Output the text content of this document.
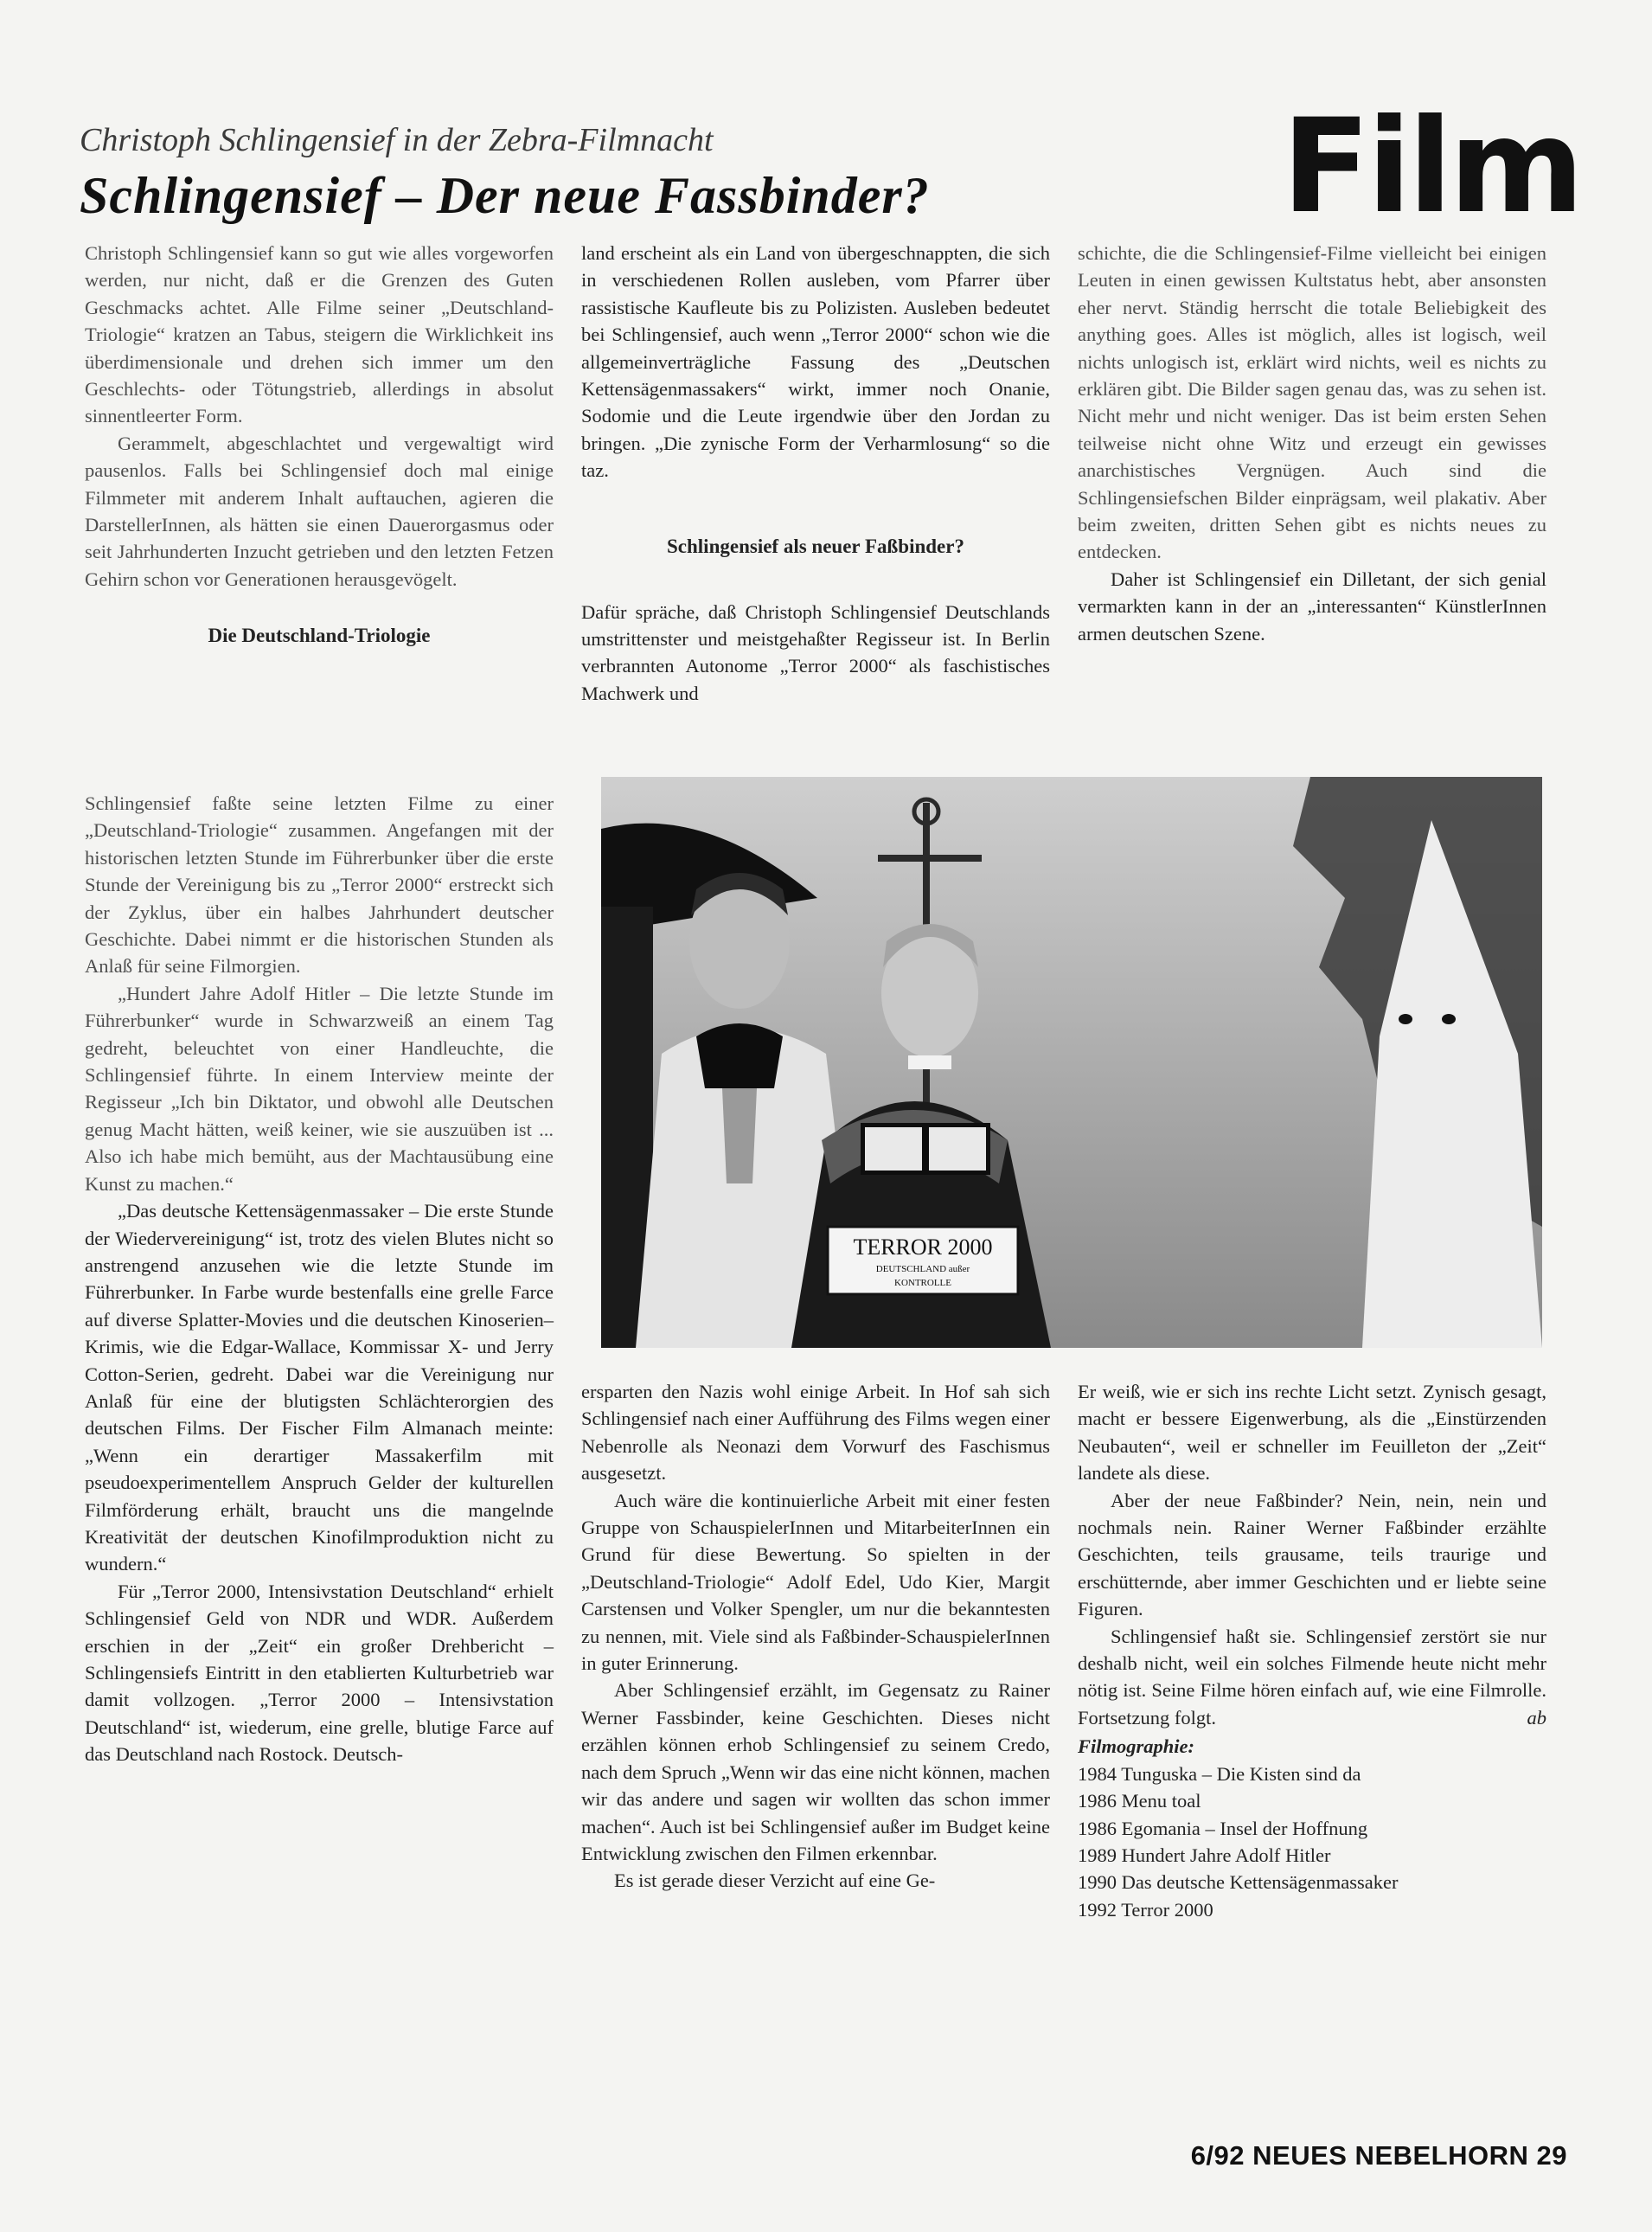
Christoph Schlingensief in der Zebra-Filmnacht
Schlingensief – Der neue Fassbinder?	Film

Christoph Schlingensief kann so gut wie alles vorgeworfen werden, nur nicht, daß er die Grenzen des Guten Geschmacks achtet. Alle Filme seiner „Deutschland-Triologie“ kratzen an Tabus, steigern die Wirklichkeit ins überdimensionale und drehen sich immer um den Geschlechts- oder Tötungstrieb, allerdings in absolut sinnentleerter Form.

Gerammelt, abgeschlachtet und vergewaltigt wird pausenlos. Falls bei Schlingensief doch mal einige Filmmeter mit anderem Inhalt auftauchen, agieren die DarstellerInnen, als hätten sie einen Dauerorgasmus oder seit Jahrhunderten Inzucht getrieben und den letzten Fetzen Gehirn schon vor Generationen herausgevögelt.

Die Deutschland-Triologie

land erscheint als ein Land von übergeschnappten, die sich in verschiedenen Rollen ausleben, vom Pfarrer über rassistische Kaufleute bis zu Polizisten. Ausleben bedeutet bei Schlingensief, auch wenn „Terror 2000“ schon wie die allgemeinverträgliche Fassung des „Deutschen Kettensägenmassakers“ wirkt, immer noch Onanie, Sodomie und die Leute irgendwie über den Jordan zu bringen. „Die zynische Form der Verharmlosung“ so die taz.

Schlingensief als neuer Faßbinder?

Dafür spräche, daß Christoph Schlingensief Deutschlands umstrittenster und meistgehaßter Regisseur ist. In Berlin verbrannten Autonome „Terror 2000“ als faschistisches Machwerk und

schichte, die die Schlingensief-Filme vielleicht bei einigen Leuten in einen gewissen Kultstatus hebt, aber ansonsten eher nervt. Ständig herrscht die totale Beliebigkeit des anything goes. Alles ist möglich, alles ist logisch, weil nichts unlogisch ist, erklärt wird nichts, weil es nichts zu erklären gibt. Die Bilder sagen genau das, was zu sehen ist. Nicht mehr und nicht weniger. Das ist beim ersten Sehen teilweise nicht ohne Witz und erzeugt ein gewisses anarchistisches Vergnügen. Auch sind die Schlingensiefschen Bilder einprägsam, weil plakativ. Aber beim zweiten, dritten Sehen gibt es nichts neues zu entdecken.

Daher ist Schlingensief ein Dilletant, der sich genial vermarkten kann in der an „interessanten“ KünstlerInnen armen deutschen Szene.

Schlingensief faßte seine letzten Filme zu einer „Deutschland-Triologie“ zusammen. Angefangen mit der historischen letzten Stunde im Führerbunker über die erste Stunde der Vereinigung bis zu „Terror 2000“ erstreckt sich der Zyklus, über ein halbes Jahrhundert deutscher Geschichte. Dabei nimmt er die historischen Stunden als Anlaß für seine Filmorgien.

„Hundert Jahre Adolf Hitler – Die letzte Stunde im Führerbunker“ wurde in Schwarzweiß an einem Tag gedreht, beleuchtet von einer Handleuchte, die Schlingensief führte. In einem Interview meinte der Regisseur „Ich bin Diktator, und obwohl alle Deutschen genug Macht hätten, weiß keiner, wie sie auszuüben ist ... Also ich habe mich bemüht, aus der Machtausübung eine Kunst zu machen.“

„Das deutsche Kettensägenmassaker – Die erste Stunde der Wiedervereinigung“ ist, trotz des vielen Blutes nicht so anstrengend anzusehen wie die letzte Stunde im Führerbunker. In Farbe wurde bestenfalls eine grelle Farce auf diverse Splatter-Movies und die deutschen Kinoserien–Krimis, wie die Edgar-Wallace, Kommissar X- und Jerry Cotton-Serien, gedreht. Dabei war die Vereinigung nur Anlaß für eine der blutigsten Schlächterorgien des deutschen Films. Der Fischer Film Almanach meinte: „Wenn ein derartiger Massakerfilm mit pseudoexperimentellem Anspruch Gelder der kulturellen Filmförderung erhält, braucht uns die mangelnde Kreativität der deutschen Kinofilmproduktion nicht zu wundern.“

Für „Terror 2000, Intensivstation Deutschland“ erhielt Schlingensief Geld von NDR und WDR. Außerdem erschien in der „Zeit“ ein großer Drehbericht – Schlingensiefs Eintritt in den etablierten Kulturbetrieb war damit vollzogen. „Terror 2000 – Intensivstation Deutschland“ ist, wiederum, eine grelle, blutige Farce auf das Deutschland nach Rostock. Deutsch-

TERROR 2000
DEUTSCHLAND außer
KONTROLLE

ersparten den Nazis wohl einige Arbeit. In Hof sah sich Schlingensief nach einer Aufführung des Films wegen einer Nebenrolle als Neonazi dem Vorwurf des Faschismus ausgesetzt.

Auch wäre die kontinuierliche Arbeit mit einer festen Gruppe von SchauspielerInnen und MitarbeiterInnen ein Grund für diese Bewertung. So spielten in der „Deutschland-Triologie“ Adolf Edel, Udo Kier, Margit Carstensen und Volker Spengler, um nur die bekanntesten zu nennen, mit. Viele sind als Faßbinder-SchauspielerInnen in guter Erinnerung.

Aber Schlingensief erzählt, im Gegensatz zu Rainer Werner Fassbinder, keine Geschichten. Dieses nicht erzählen können erhob Schlingensief zu seinem Credo, nach dem Spruch „Wenn wir das eine nicht können, machen wir das andere und sagen wir wollten das schon immer machen“. Auch ist bei Schlingensief außer im Budget keine Entwicklung zwischen den Filmen erkennbar.

Es ist gerade dieser Verzicht auf eine Ge-

Er weiß, wie er sich ins rechte Licht setzt. Zynisch gesagt, macht er bessere Eigenwerbung, als die „Einstürzenden Neubauten“, weil er schneller im Feuilleton der „Zeit“ landete als diese.

Aber der neue Faßbinder? Nein, nein, nein und nochmals nein. Rainer Werner Faßbinder erzählte Geschichten, teils grausame, teils traurige und erschütternde, aber immer Geschichten und er liebte seine Figuren.

Schlingensief haßt sie. Schlingensief zerstört sie nur deshalb nicht, weil ein solches Filmende heute nicht mehr nötig ist. Seine Filme hören einfach auf, wie eine Filmrolle. Fortsetzung folgt.	ab

Filmographie:

1984 Tunguska – Die Kisten sind da

1986 Menu toal

1986 Egomania – Insel der Hoffnung

1989 Hundert Jahre Adolf Hitler

1990 Das deutsche Kettensägenmassaker

1992 Terror 2000

6/92 NEUES NEBELHORN 29
